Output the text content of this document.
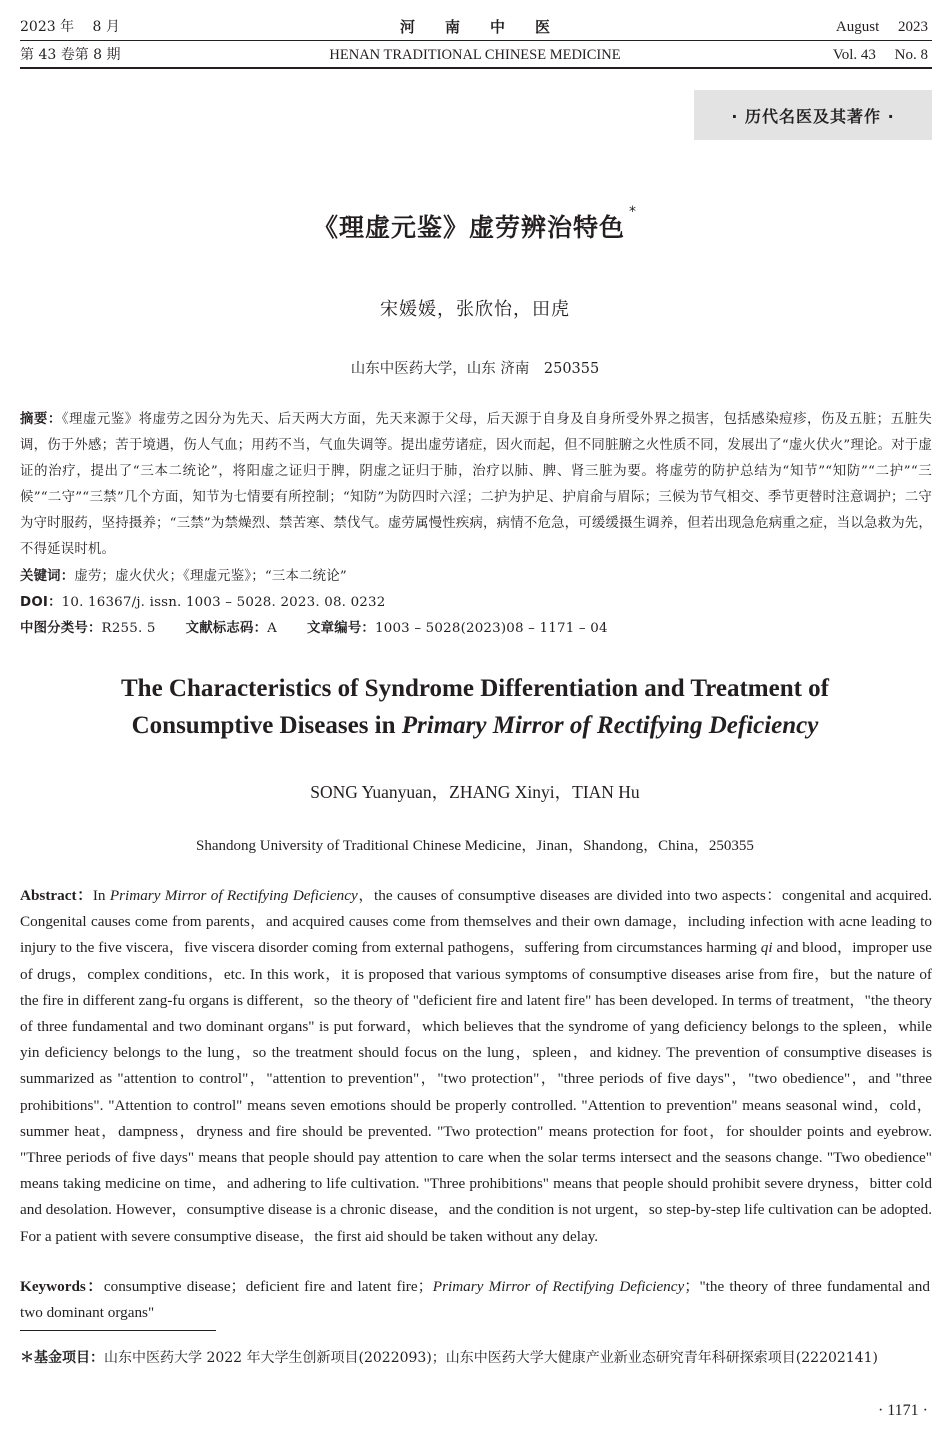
2023 年　 8 月
第 43 卷第 8 期
河　　南　　中　　医
HENAN TRADITIONAL CHINESE MEDICINE
August　 2023
Vol. 43　 No. 8
· 历代名医及其著作 ·
《理虚元鉴》虚劳辨治特色*
宋媛媛，张欣怡，田虎
山东中医药大学，山东 济南　250355
摘要：《理虚元鉴》将虚劳之因分为先天、后天两大方面，先天来源于父母，后天源于自身及自身所受外界之损害，包括感染痘疹，伤及五脏；五脏失调，伤于外感；苦于境遇，伤人气血；用药不当，气血失调等。提出虚劳诸症，因火而起，但不同脏腑之火性质不同，发展出了“虚火伏火”理论。对于虚证的治疗，提出了“三本二统论”，将阳虚之证归于脾，阴虚之证归于肺，治疗以肺、脾、肾三脏为要。将虚劳的防护总结为“知节”“知防”“二护”“三候”“二守”“三禁”几个方面，知节为七情要有所控制；“知防”为防四时六淫；二护为护足、护肩俞与眉际；三候为节气相交、季节更替时注意调护；二守为守时服药，坚持摄养；“三禁”为禁燥烈、禁苦寒、禁伐气。虚劳属慢性疾病，病情不危急，可缓缓摄生调养，但若出现急危病重之症，当以急救为先，不得延误时机。
关键词：虚劳；虚火伏火；《理虚元鉴》；“三本二统论”
DOI：10. 16367/j. issn. 1003 – 5028. 2023. 08. 0232
中图分类号：R255. 5 文献标志码：A 文章编号：1003 – 5028(2023)08 – 1171 – 04
The Characteristics of Syndrome Differentiation and Treatment of
Consumptive Diseases in Primary Mirror of Rectifying Deficiency
SONG Yuanyuan，ZHANG Xinyi，TIAN Hu
Shandong University of Traditional Chinese Medicine，Jinan，Shandong，China，250355
Abstract：In Primary Mirror of Rectifying Deficiency，the causes of consumptive diseases are divided into two aspects：congenital and acquired. Congenital causes come from parents，and acquired causes come from themselves and their own damage，including infection with acne leading to injury to the five viscera，five viscera disorder coming from external pathogens，suffering from circumstances harming qi and blood，improper use of drugs，complex conditions，etc. In this work，it is proposed that various symptoms of consumptive diseases arise from fire，but the nature of the fire in different zang-fu organs is different，so the theory of "deficient fire and latent fire" has been developed. In terms of treatment，"the theory of three fundamental and two dominant organs" is put forward，which believes that the syndrome of yang deficiency belongs to the spleen，while yin deficiency belongs to the lung，so the treatment should focus on the lung，spleen，and kidney. The prevention of consumptive diseases is summarized as "attention to control"，"attention to prevention"，"two protection"，"three periods of five days"，"two obedience"，and "three prohibitions". "Attention to control" means seven emotions should be properly controlled. "Attention to prevention" means seasonal wind，cold，summer heat，dampness，dryness and fire should be prevented. "Two protection" means protection for foot，for shoulder points and eyebrow. "Three periods of five days" means that people should pay attention to care when the solar terms intersect and the seasons change. "Two obedience" means taking medicine on time，and adhering to life cultivation. "Three prohibitions" means that people should prohibit severe dryness，bitter cold and desolation. However，consumptive disease is a chronic disease，and the condition is not urgent，so step-by-step life cultivation can be adopted. For a patient with severe consumptive disease，the first aid should be taken without any delay.
Keywords：consumptive disease；deficient fire and latent fire；Primary Mirror of Rectifying Deficiency；"the theory of three fundamental and two dominant organs"
＊基金项目：山东中医药大学 2022 年大学生创新项目(2022093)；山东中医药大学大健康产业新业态研究青年科研探索项目(22202141)
· 1171 ·
